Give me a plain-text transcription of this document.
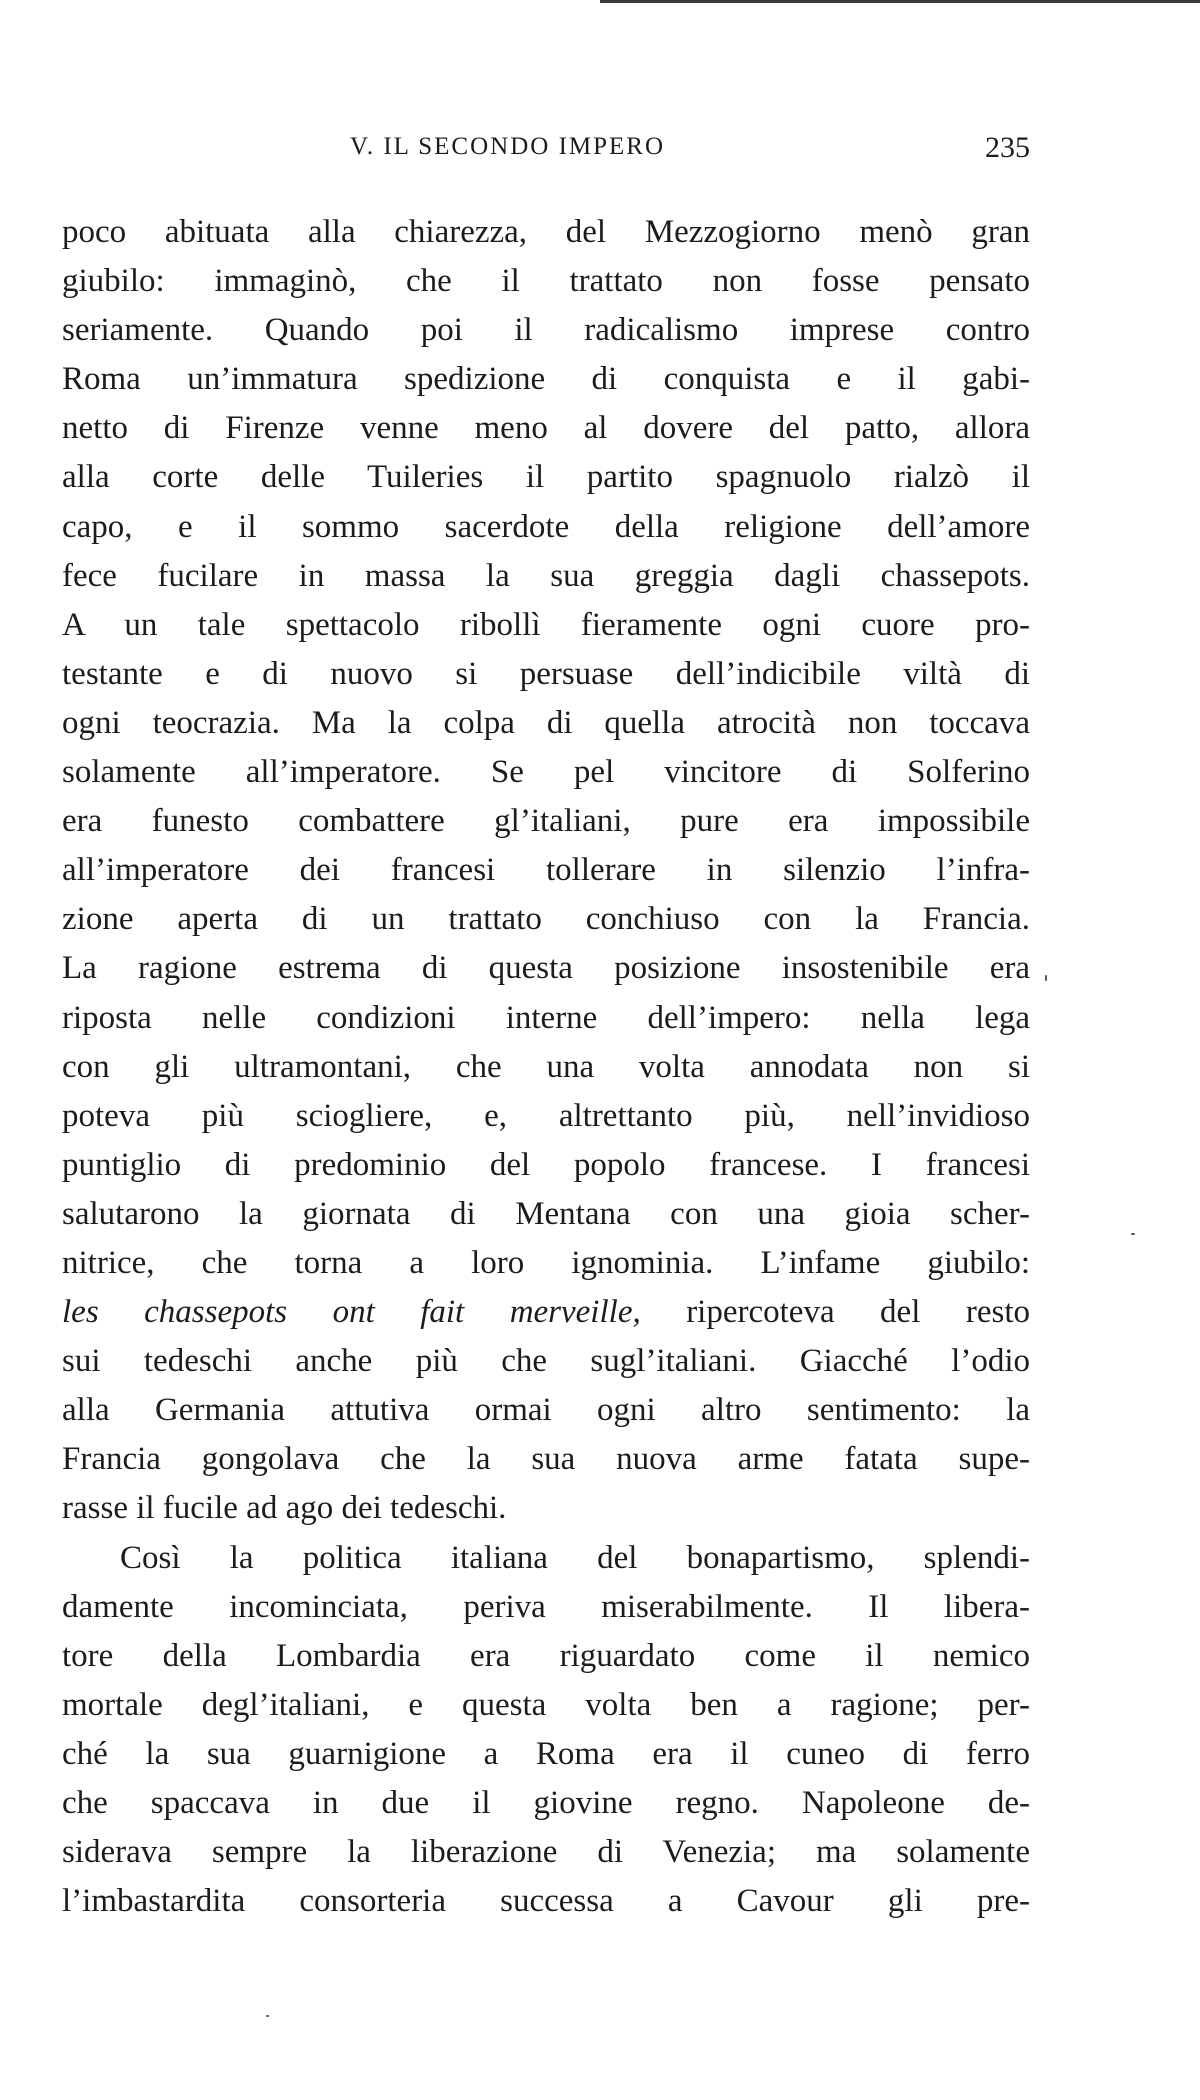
V. IL SECONDO IMPERO	235
poco abituata alla chiarezza, del Mezzogiorno menò gran
giubilo: immaginò, che il trattato non fosse pensato
seriamente. Quando poi il radicalismo imprese contro
Roma un’immatura spedizione di conquista e il gabi-
netto di Firenze venne meno al dovere del patto, allora
alla corte delle Tuileries il partito spagnuolo rialzò il
capo, e il sommo sacerdote della religione dell’amore
fece fucilare in massa la sua greggia dagli chassepots.
A un tale spettacolo ribollì fieramente ogni cuore pro-
testante e di nuovo si persuase dell’indicibile viltà di
ogni teocrazia. Ma la colpa di quella atrocità non toccava
solamente all’imperatore. Se pel vincitore di Solferino
era funesto combattere gl’italiani, pure era impossibile
all’imperatore dei francesi tollerare in silenzio l’infra-
zione aperta di un trattato conchiuso con la Francia.
La ragione estrema di questa posizione insostenibile era
riposta nelle condizioni interne dell’impero: nella lega
con gli ultramontani, che una volta annodata non si
poteva più sciogliere, e, altrettanto più, nell’invidioso
puntiglio di predominio del popolo francese. I francesi
salutarono la giornata di Mentana con una gioia scher-
nitrice, che torna a loro ignominia. L’infame giubilo:
les chassepots ont fait merveille, ripercoteva del resto
sui tedeschi anche più che sugl’italiani. Giacché l’odio
alla Germania attutiva ormai ogni altro sentimento: la
Francia gongolava che la sua nuova arme fatata supe-
rasse il fucile ad ago dei tedeschi.
Così la politica italiana del bonapartismo, splendi-
damente incominciata, periva miserabilmente. Il libera-
tore della Lombardia era riguardato come il nemico
mortale degl’italiani, e questa volta ben a ragione; per-
ché la sua guarnigione a Roma era il cuneo di ferro
che spaccava in due il giovine regno. Napoleone de-
siderava sempre la liberazione di Venezia; ma solamente
l’imbastardita consorteria successa a Cavour gli pre-
